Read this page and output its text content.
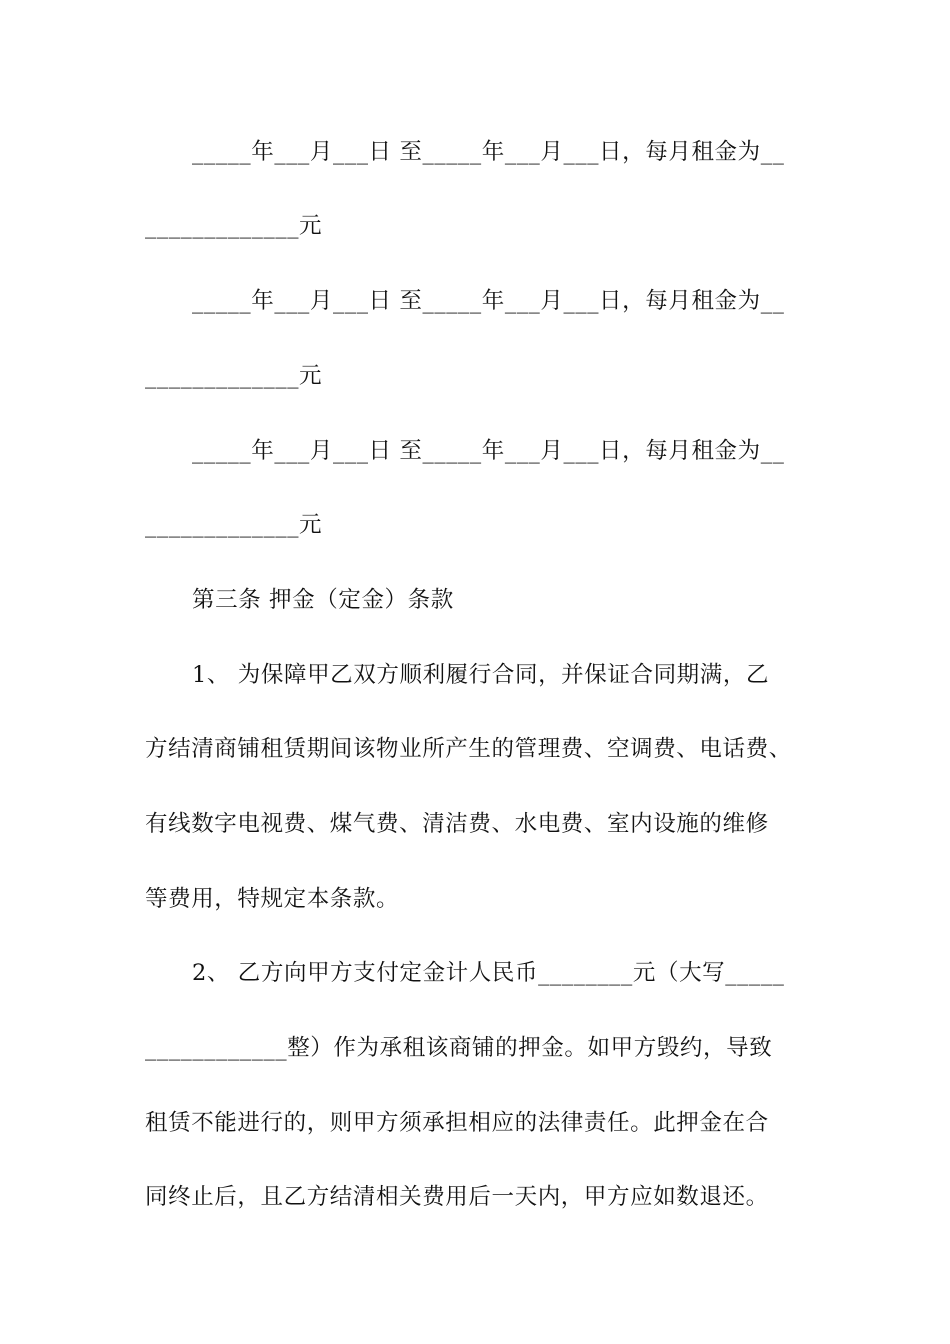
_____年___月___日 至_____年___月___日，每月租金为__
_____________元
_____年___月___日 至_____年___月___日，每月租金为__
_____________元
_____年___月___日 至_____年___月___日，每月租金为__
_____________元
第三条 押金（定金）条款
1、 为保障甲乙双方顺利履行合同，并保证合同期满，乙
方结清商铺租赁期间该物业所产生的管理费、空调费、电话费、
有线数字电视费、煤气费、清洁费、水电费、室内设施的维修
等费用，特规定本条款。
2、 乙方向甲方支付定金计人民币________元（大写_____
____________整）作为承租该商铺的押金。如甲方毁约，导致
租赁不能进行的，则甲方须承担相应的法律责任。此押金在合
同终止后，且乙方结清相关费用后一天内，甲方应如数退还。
